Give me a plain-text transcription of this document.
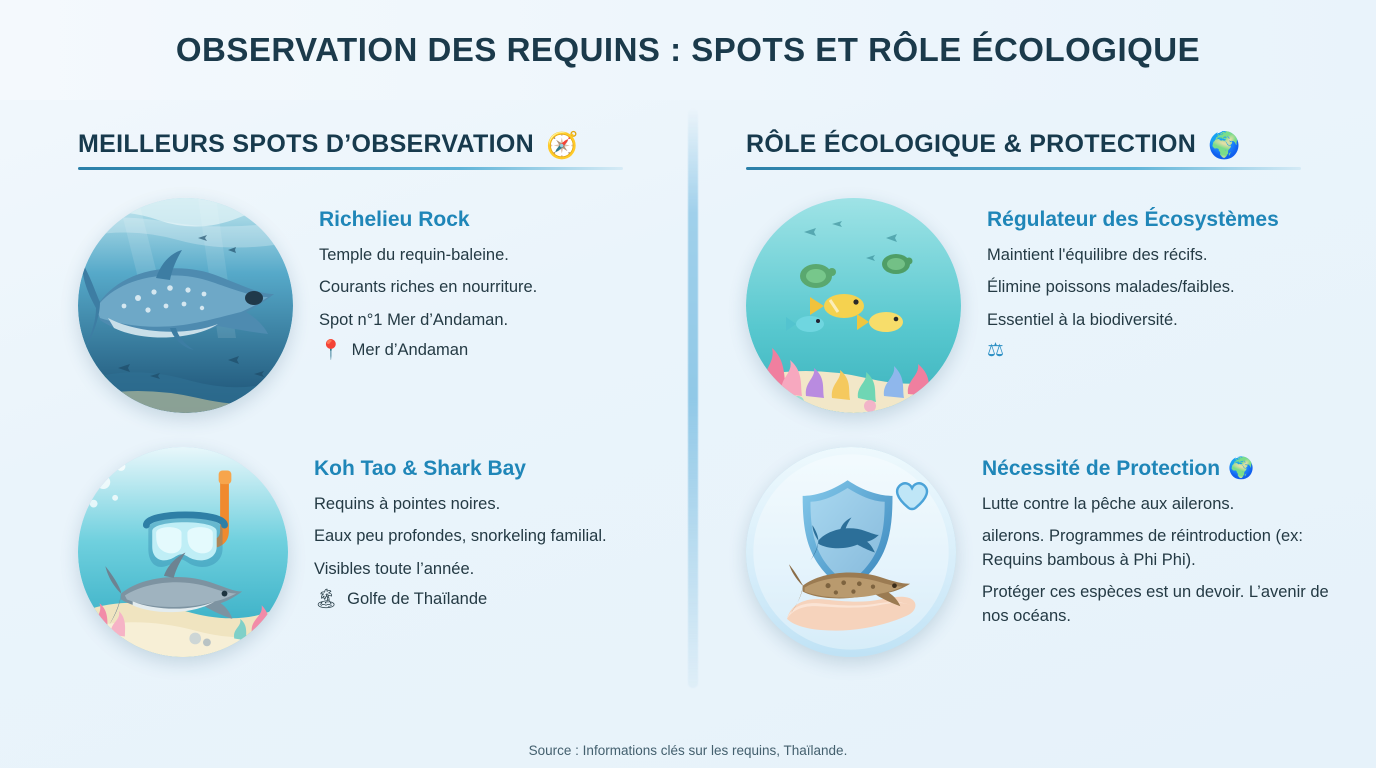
OBSERVATION DES REQUINS : SPOTS ET RÔLE ÉCOLOGIQUE
MEILLEURS SPOTS D’OBSERVATION 🧭
Richelieu Rock
Temple du requin-baleine.
Courants riches en nourriture.
Spot n°1 Mer d’Andaman.
📍 Mer d’Andaman
Koh Tao & Shark Bay
Requins à pointes noires.
Eaux peu profondes, snorkeling familial.
Visibles toute l’année.
🏝 Golfe de Thaïlande
RÔLE ÉCOLOGIQUE & PROTECTION 🌍
Régulateur des Écosystèmes
Maintient l'équilibre des récifs.
Élimine poissons malades/faibles.
Essentiel à la biodiversité.
⚖
Nécessité de Protection 🌍
Lutte contre la pêche aux ailerons.
ailerons. Programmes de réintroduction (ex: Requins bambous à Phi Phi).
Protéger ces espèces est un devoir. L’avenir de nos océans.
Source : Informations clés sur les requins, Thaïlande.
